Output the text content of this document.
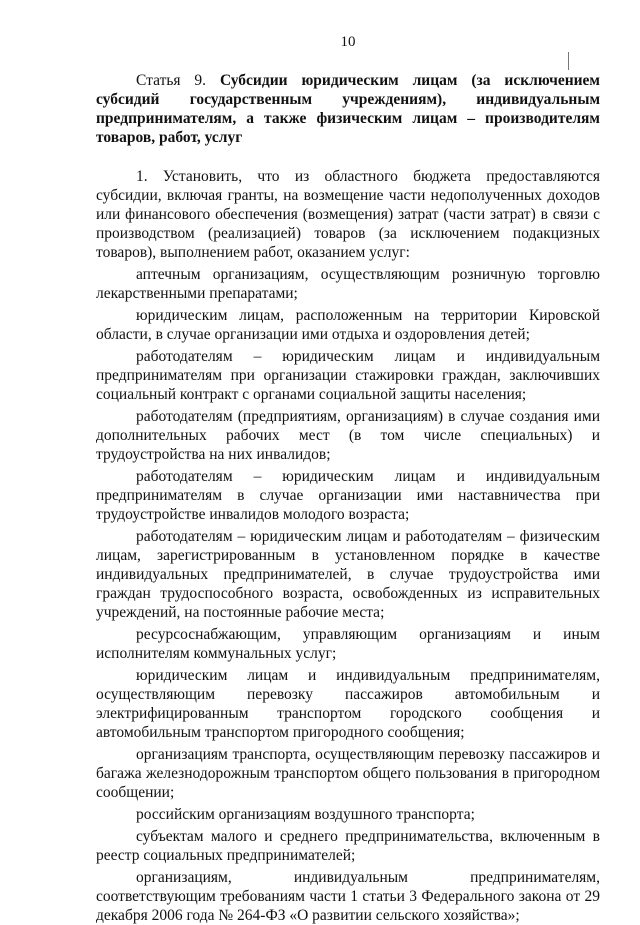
10
Статья 9. Субсидии юридическим лицам (за исключением субсидий государственным учреждениям), индивидуальным предпринимателям, а также физическим лицам – производителям товаров, работ, услуг

1. Установить, что из областного бюджета предоставляются субсидии, включая гранты, на возмещение части недополученных доходов или финансового обеспечения (возмещения) затрат (части затрат) в связи с производством (реализацией) товаров (за исключением подакцизных товаров), выполнением работ, оказанием услуг:

аптечным организациям, осуществляющим розничную торговлю лекарственными препаратами;

юридическим лицам, расположенным на территории Кировской области, в случае организации ими отдыха и оздоровления детей;

работодателям – юридическим лицам и индивидуальным предпринимателям при организации стажировки граждан, заключивших социальный контракт с органами социальной защиты населения;

работодателям (предприятиям, организациям) в случае создания ими дополнительных рабочих мест (в том числе специальных) и трудоустройства на них инвалидов;

работодателям – юридическим лицам и индивидуальным предпринимателям в случае организации ими наставничества при трудоустройстве инвалидов молодого возраста;

работодателям – юридическим лицам и работодателям – физическим лицам, зарегистрированным в установленном порядке в качестве индивидуальных предпринимателей, в случае трудоустройства ими граждан трудоспособного возраста, освобожденных из исправительных учреждений, на постоянные рабочие места;

ресурсоснабжающим, управляющим организациям и иным исполнителям коммунальных услуг;

юридическим лицам и индивидуальным предпринимателям, осуществляющим перевозку пассажиров автомобильным и электрифицированным транспортом городского сообщения и автомобильным транспортом пригородного сообщения;

организациям транспорта, осуществляющим перевозку пассажиров и багажа железнодорожным транспортом общего пользования в пригородном сообщении;

российским организациям воздушного транспорта;

субъектам малого и среднего предпринимательства, включенным в реестр социальных предпринимателей;

организациям, индивидуальным предпринимателям, соответствующим требованиям части 1 статьи 3 Федерального закона от 29 декабря 2006 года № 264-ФЗ «О развитии сельского хозяйства»;
